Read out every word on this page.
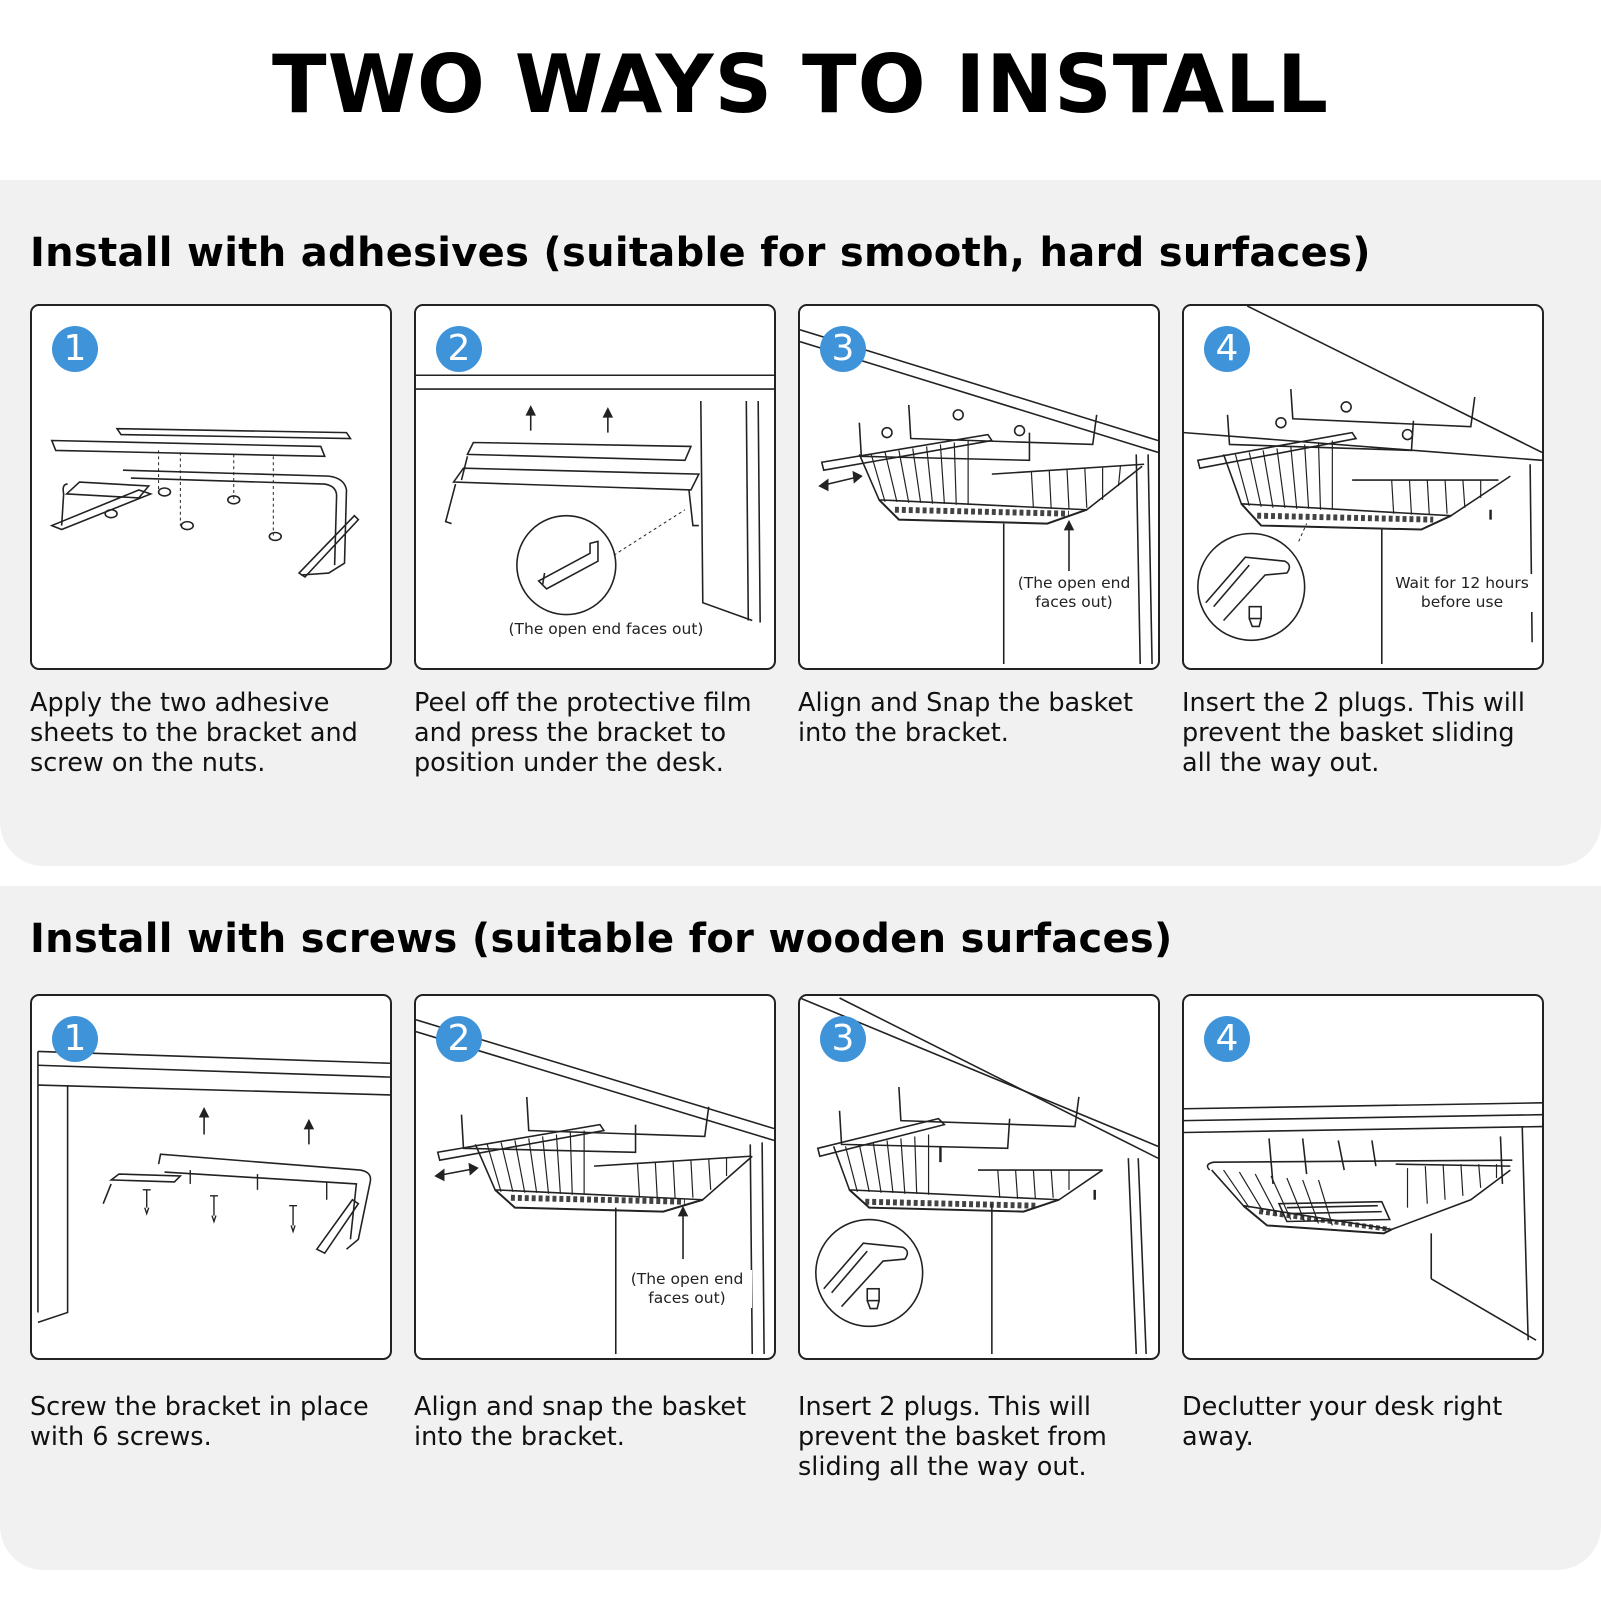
TWO WAYS TO INSTALL
Install with adhesives (suitable for smooth, hard surfaces)
1	2
(The open end faces out)
3
(The open end
faces out)
4
Wait for 12 hours
before use
Apply the two adhesive
sheets to the bracket and
screw on the nuts.
Peel off the protective film
and press the bracket to
position under the desk.
Align and Snap the basket
into the bracket.
Insert the 2 plugs. This will
prevent the basket sliding
all the way out.
Install with screws (suitable for wooden surfaces)
1	2
(The open end
faces out)
3	4
Screw the bracket in place
with 6 screws.
Align and snap the basket
into the bracket.
Insert 2 plugs. This will
prevent the basket from
sliding all the way out.
Declutter your desk right away.
